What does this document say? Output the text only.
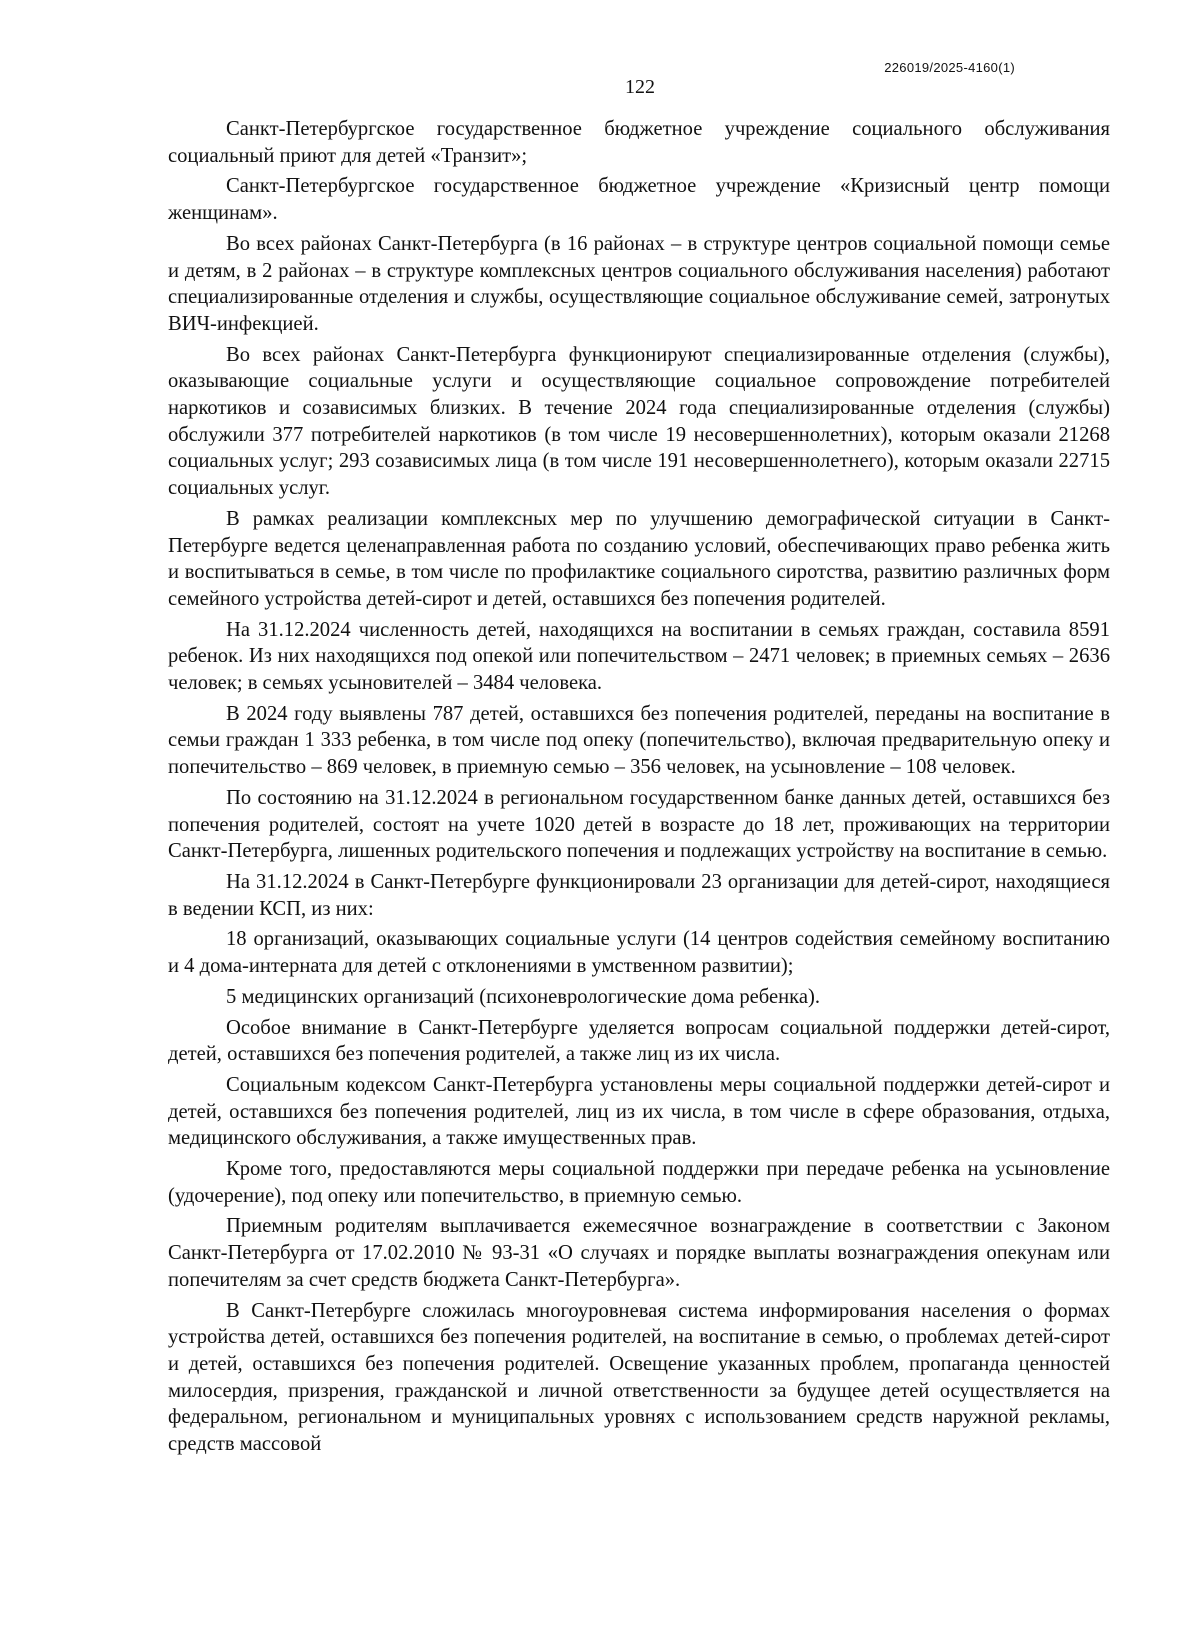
226019/2025-4160(1)
122

Санкт-Петербургское государственное бюджетное учреждение социального обслуживания социальный приют для детей «Транзит»;

Санкт-Петербургское государственное бюджетное учреждение «Кризисный центр помощи женщинам».

Во всех районах Санкт-Петербурга (в 16 районах – в структуре центров социальной помощи семье и детям, в 2 районах – в структуре комплексных центров социального обслуживания населения) работают специализированные отделения и службы, осуществляющие социальное обслуживание семей, затронутых ВИЧ-инфекцией.

Во всех районах Санкт-Петербурга функционируют специализированные отделения (службы), оказывающие социальные услуги и осуществляющие социальное сопровождение потребителей наркотиков и созависимых близких. В течение 2024 года специализированные отделения (службы) обслужили 377 потребителей наркотиков (в том числе 19 несовершеннолетних), которым оказали 21268 социальных услуг; 293 созависимых лица (в том числе 191 несовершеннолетнего), которым оказали 22715 социальных услуг.

В рамках реализации комплексных мер по улучшению демографической ситуации в Санкт-Петербурге ведется целенаправленная работа по созданию условий, обеспечивающих право ребенка жить и воспитываться в семье, в том числе по профилактике социального сиротства, развитию различных форм семейного устройства детей-сирот и детей, оставшихся без попечения родителей.

На 31.12.2024 численность детей, находящихся на воспитании в семьях граждан, составила 8591 ребенок. Из них находящихся под опекой или попечительством – 2471 человек; в приемных семьях – 2636 человек; в семьях усыновителей – 3484 человека.

В 2024 году выявлены 787 детей, оставшихся без попечения родителей, переданы на воспитание в семьи граждан 1 333 ребенка, в том числе под опеку (попечительство), включая предварительную опеку и попечительство – 869 человек, в приемную семью – 356 человек, на усыновление – 108 человек.

По состоянию на 31.12.2024 в региональном государственном банке данных детей, оставшихся без попечения родителей, состоят на учете 1020 детей в возрасте до 18 лет, проживающих на территории Санкт-Петербурга, лишенных родительского попечения и подлежащих устройству на воспитание в семью.

На 31.12.2024 в Санкт-Петербурге функционировали 23 организации для детей-сирот, находящиеся в ведении КСП, из них:

18 организаций, оказывающих социальные услуги (14 центров содействия семейному воспитанию и 4 дома-интерната для детей с отклонениями в умственном развитии);

5 медицинских организаций (психоневрологические дома ребенка).

Особое внимание в Санкт-Петербурге уделяется вопросам социальной поддержки детей-сирот, детей, оставшихся без попечения родителей, а также лиц из их числа.

Социальным кодексом Санкт-Петербурга установлены меры социальной поддержки детей-сирот и детей, оставшихся без попечения родителей, лиц из их числа, в том числе в сфере образования, отдыха, медицинского обслуживания, а также имущественных прав.

Кроме того, предоставляются меры социальной поддержки при передаче ребенка на усыновление (удочерение), под опеку или попечительство, в приемную семью.

Приемным родителям выплачивается ежемесячное вознаграждение в соответствии с Законом Санкт-Петербурга от 17.02.2010 № 93-31 «О случаях и порядке выплаты вознаграждения опекунам или попечителям за счет средств бюджета Санкт-Петербурга».

В Санкт-Петербурге сложилась многоуровневая система информирования населения о формах устройства детей, оставшихся без попечения родителей, на воспитание в семью, о проблемах детей-сирот и детей, оставшихся без попечения родителей. Освещение указанных проблем, пропаганда ценностей милосердия, призрения, гражданской и личной ответственности за будущее детей осуществляется на федеральном, региональном и муниципальных уровнях с использованием средств наружной рекламы, средств массовой
